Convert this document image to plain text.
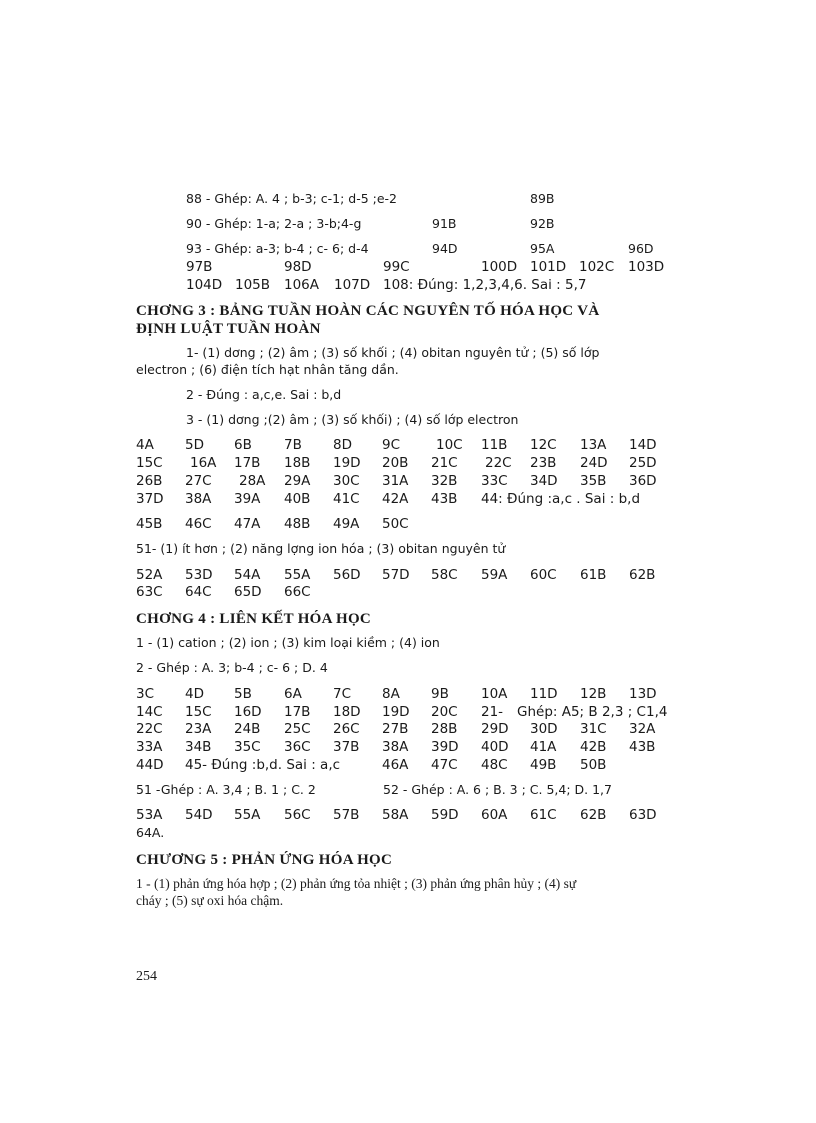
88 - Ghép: A. 4 ; b-3; c-1; d-5 ;e-2	89B
90 - Ghép: 1-a; 2-a ; 3-b;4-g	91B	92B
93 - Ghép: a-3; b-4 ; c- 6; d-4	94D	95A	96D
97B	98D	99C	100D 101D 102C 103D
104D 105B 106A 107D 108: Đúng: 1,2,3,4,6. Sai : 5,7
CHƠNG 3 : BẢNG TUẦN HOÀN CÁC NGUYÊN TỐ HÓA HỌC VÀ
ĐỊNH LUẬT TUẦN HOÀN
1- (1) dơng ; (2) âm ; (3) số khối ; (4) obitan nguyên tử ; (5) số lớp
electron ; (6) điện tích hạt nhân tăng dần.
2 - Đúng : a,c,e. Sai : b,d
3 - (1) dơng ;(2) âm ; (3) số khối) ; (4) số lớp electron
4A 5D 6B 7B 8D 9C	10C 11B 12C 13A 14D
15C 16A 17B 18B 19D 20B 21C 22C 23B 24D 25D
26B 27C 28A 29A 30C 31A 32B 33C 34D 35B 36D
37D 38A 39A 40B 41C 42A 43B 44: Đúng :a,c . Sai : b,d
45B 46C 47A 48B 49A 50C
51- (1) ít hơn ; (2) năng lợng ion hóa ; (3) obitan nguyên tử
52A 53D 54A 55A 56D 57D 58C 59A 60C 61B 62B
63C 64C 65D 66C
CHƠNG 4 : LIÊN KẾT HÓA HỌC
1 - (1) cation ; (2) ion ; (3) kim loại kiềm ; (4) ion
2 - Ghép : A. 3; b-4 ; c- 6 ; D. 4
3C 4D 5B 6A 7C 8A 9B 10A 11D 12B 13D
14C 15C 16D 17B 18D 19D 20C 21- Ghép: A5; B 2,3 ; C1,4
22C 23A 24B 25C 26C 27B 28B 29D 30D 31C 32A
33A 34B 35C 36C 37B 38A 39D 40D 41A 42B 43B
44D 45- Đúng :b,d. Sai : a,c	46A 47C 48C 49B 50B
51 -Ghép : A. 3,4 ; B. 1 ; C. 2	52 - Ghép : A. 6 ; B. 3 ; C. 5,4; D. 1,7
53A 54D 55A 56C 57B 58A 59D 60A 61C 62B 63D
64A.
CHƯƠNG 5 : PHẢN ỨNG HÓA HỌC
1 - (1) phản ứng hóa hợp ; (2) phản ứng tỏa nhiệt ; (3) phản ứng phân hủy ; (4) sự
cháy ; (5) sự oxi hóa chậm.
254
